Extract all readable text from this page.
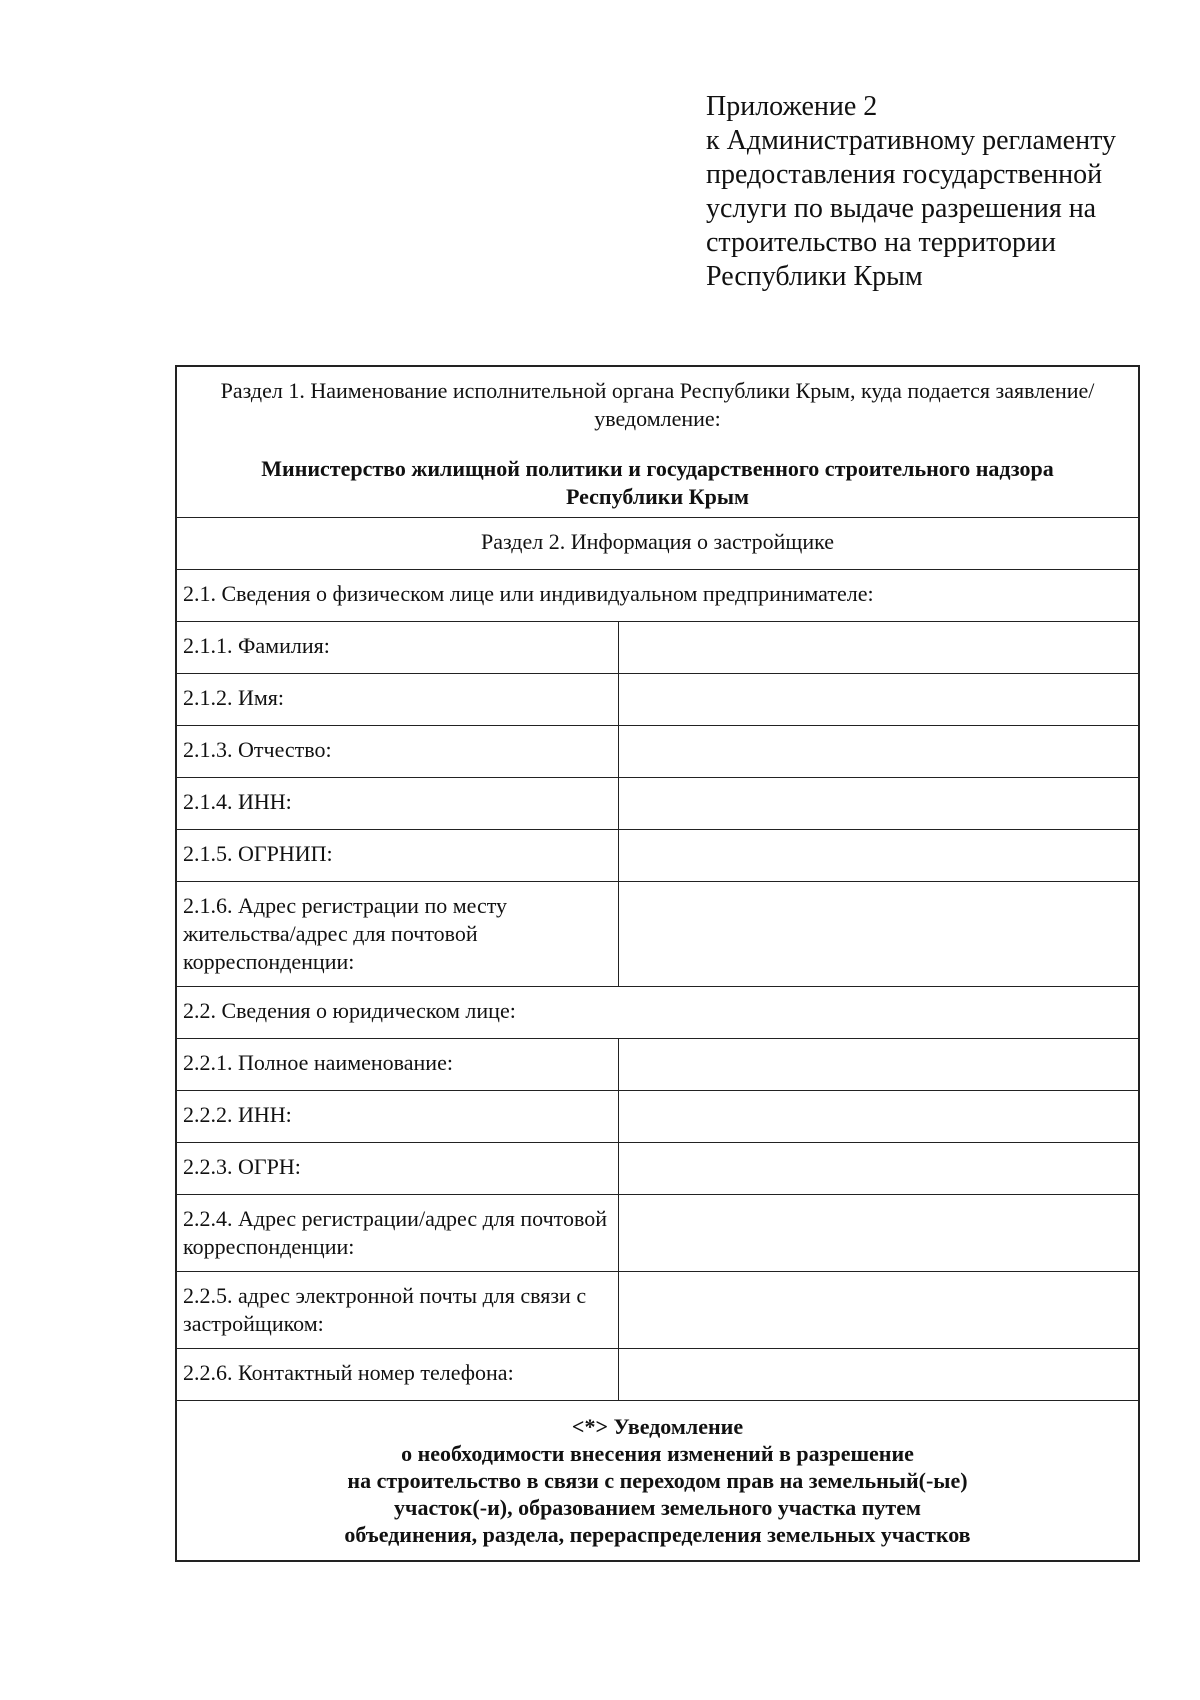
Приложение 2
к Административному регламенту
предоставления государственной
услуги по выдаче разрешения на
строительство на территории
Республики Крым
Раздел 1. Наименование исполнительной органа Республики Крым, куда подается заявление/уведомление:
Министерство жилищной политики и государственного строительного надзора Республики Крым
Раздел 2. Информация о застройщике
2.1. Сведения о физическом лице или индивидуальном предпринимателе:
2.1.1. Фамилия:
2.1.2. Имя:
2.1.3. Отчество:
2.1.4. ИНН:
2.1.5. ОГРНИП:
2.1.6. Адрес регистрации по месту жительства/адрес для почтовой корреспонденции:
2.2. Сведения о юридическом лице:
2.2.1. Полное наименование:
2.2.2. ИНН:
2.2.3. ОГРН:
2.2.4. Адрес регистрации/адрес для почтовой корреспонденции:
2.2.5. адрес электронной почты для связи с застройщиком:
2.2.6. Контактный номер телефона:
<*> Уведомление
о необходимости внесения изменений в разрешение
на строительство в связи с переходом прав на земельный(-ые)
участок(-и), образованием земельного участка путем
объединения, раздела, перераспределения земельных участков
